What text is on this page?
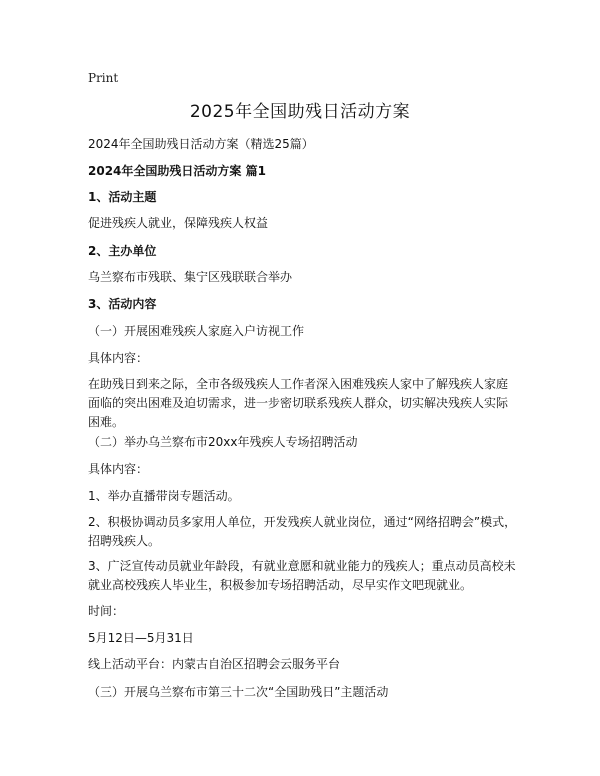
Print
2025年全国助残日活动方案
2024年全国助残日活动方案（精选25篇）
2024年全国助残日活动方案 篇1
1、活动主题
促进残疾人就业，保障残疾人权益
2、主办单位
乌兰察布市残联、集宁区残联联合举办
3、活动内容
（一）开展困难残疾人家庭入户访视工作
具体内容：
在助残日到来之际，全市各级残疾人工作者深入困难残疾人家中了解残疾人家庭面临的突出困难及迫切需求，进一步密切联系残疾人群众，切实解决残疾人实际困难。
（二）举办乌兰察布市20xx年残疾人专场招聘活动
具体内容：
1、举办直播带岗专题活动。
2、积极协调动员多家用人单位，开发残疾人就业岗位，通过“网络招聘会”模式，招聘残疾人。
3、广泛宣传动员就业年龄段，有就业意愿和就业能力的残疾人；重点动员高校未就业高校残疾人毕业生，积极参加专场招聘活动，尽早实作文吧现就业。
时间：
5月12日—5月31日
线上活动平台：内蒙古自治区招聘会云服务平台
（三）开展乌兰察布市第三十二次“全国助残日”主题活动
